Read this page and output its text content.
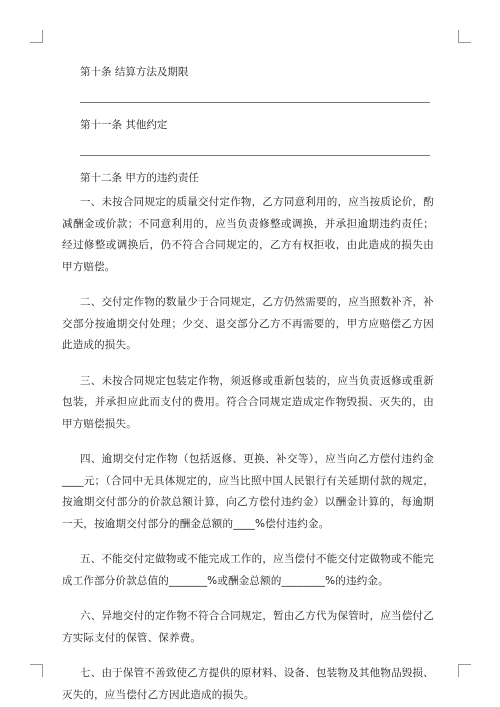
第十条 结算方法及期限
第十一条 其他约定
第十二条 甲方的违约责任

一、未按合同规定的质量交付定作物，乙方同意利用的，应当按质论价，酌减酬金或价款；不同意利用的，应当负责修整或调换，并承担逾期违约责任；经过修整或调换后，仍不符合合同规定的，乙方有权拒收，由此造成的损失由甲方赔偿。

二、交付定作物的数量少于合同规定，乙方仍然需要的，应当照数补齐，补交部分按逾期交付处理；少交、退交部分乙方不再需要的，甲方应赔偿乙方因此造成的损失。

三、未按合同规定包装定作物，须返修或重新包装的，应当负责返修或重新包装，并承担应此而支付的费用。符合合同规定造成定作物毁损、灭失的，由甲方赔偿损失。

四、逾期交付定作物（包括返修、更换、补交等），应当向乙方偿付违约金____元；（合同中无具体规定的，应当比照中国人民银行有关延期付款的规定，按逾期交付部分的价款总额计算，向乙方偿付违约金）以酬金计算的，每逾期一天，按逾期交付部分的酬金总额的____%偿付违约金。

五、不能交付定做物或不能完成工作的，应当偿付不能交付定做物或不能完成工作部分价款总值的_______%或酬金总额的________%的违约金。

六、异地交付的定作物不符合合同规定，暂由乙方代为保管时，应当偿付乙方实际支付的保管、保养费。

七、由于保管不善致使乙方提供的原材料、设备、包装物及其他物品毁损、灭失的，应当偿付乙方因此造成的损失。
